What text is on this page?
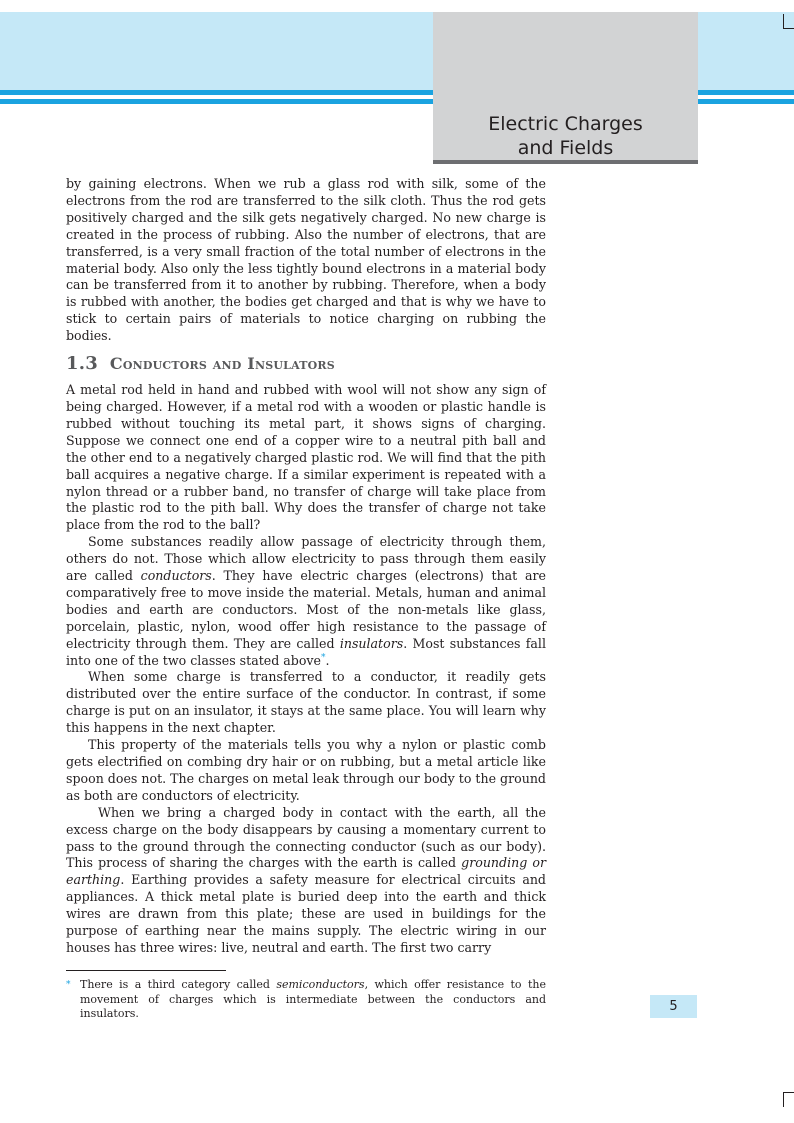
Electric Charges
and Fields

by gaining electrons. When we rub a glass rod with silk, some of the electrons from the rod are transferred to the silk cloth. Thus the rod gets positively charged and the silk gets negatively charged. No new charge is created in the process of rubbing. Also the number of electrons, that are transferred, is a very small fraction of the total number of electrons in the material body. Also only the less tightly bound electrons in a material body can be transferred from it to another by rubbing. Therefore, when a body is rubbed with another, the bodies get charged and that is why we have to stick to certain pairs of materials to notice charging on rubbing the bodies.

1.3 Conductors and Insulators

A metal rod held in hand and rubbed with wool will not show any sign of being charged. However, if a metal rod with a wooden or plastic handle is rubbed without touching its metal part, it shows signs of charging. Suppose we connect one end of a copper wire to a neutral pith ball and the other end to a negatively charged plastic rod. We will find that the pith ball acquires a negative charge. If a similar experiment is repeated with a nylon thread or a rubber band, no transfer of charge will take place from the plastic rod to the pith ball. Why does the transfer of charge not take place from the rod to the ball?

Some substances readily allow passage of electricity through them, others do not. Those which allow electricity to pass through them easily are called conductors. They have electric charges (electrons) that are comparatively free to move inside the material. Metals, human and animal bodies and earth are conductors. Most of the non-metals like glass, porcelain, plastic, nylon, wood offer high resistance to the passage of electricity through them. They are called insulators. Most substances fall into one of the two classes stated above*.

When some charge is transferred to a conductor, it readily gets distributed over the entire surface of the conductor. In contrast, if some charge is put on an insulator, it stays at the same place. You will learn why this happens in the next chapter.

This property of the materials tells you why a nylon or plastic comb gets electrified on combing dry hair or on rubbing, but a metal article like spoon does not. The charges on metal leak through our body to the ground as both are conductors of electricity.

When we bring a charged body in contact with the earth, all the excess charge on the body disappears by causing a momentary current to pass to the ground through the connecting conductor (such as our body). This process of sharing the charges with the earth is called grounding or earthing. Earthing provides a safety measure for electrical circuits and appliances. A thick metal plate is buried deep into the earth and thick wires are drawn from this plate; these are used in buildings for the purpose of earthing near the mains supply. The electric wiring in our houses has three wires: live, neutral and earth. The first two carry

* There is a third category called semiconductors, which offer resistance to the movement of charges which is intermediate between the conductors and insulators.	5
